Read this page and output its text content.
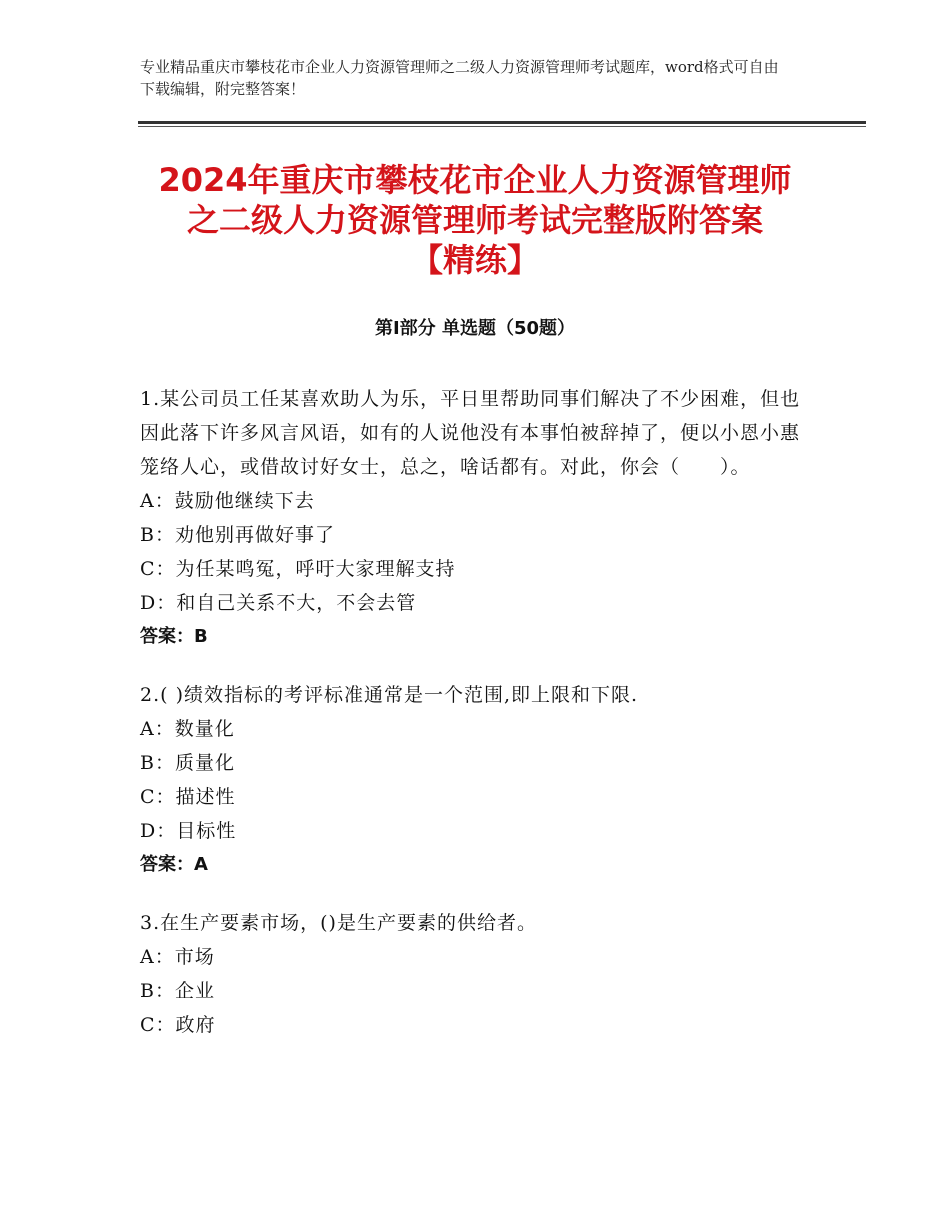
专业精品重庆市攀枝花市企业人力资源管理师之二级人力资源管理师考试题库，word格式可自由下载编辑，附完整答案！
2024年重庆市攀枝花市企业人力资源管理师
之二级人力资源管理师考试完整版附答案
【精练】
第Ⅰ部分 单选题（50题）
1.某公司员工任某喜欢助人为乐，平日里帮助同事们解决了不少困难，但也因此落下许多风言风语，如有的人说他没有本事怕被辞掉了，便以小恩小惠笼络人心，或借故讨好女士，总之，啥话都有。对此，你会（　　）。
A：鼓励他继续下去
B：劝他别再做好事了
C：为任某鸣冤，呼吁大家理解支持
D：和自己关系不大，不会去管
答案：B
2.( )绩效指标的考评标准通常是一个范围,即上限和下限.
A：数量化
B：质量化
C：描述性
D：目标性
答案：A
3.在生产要素市场，()是生产要素的供给者。
A：市场
B：企业
C：政府
